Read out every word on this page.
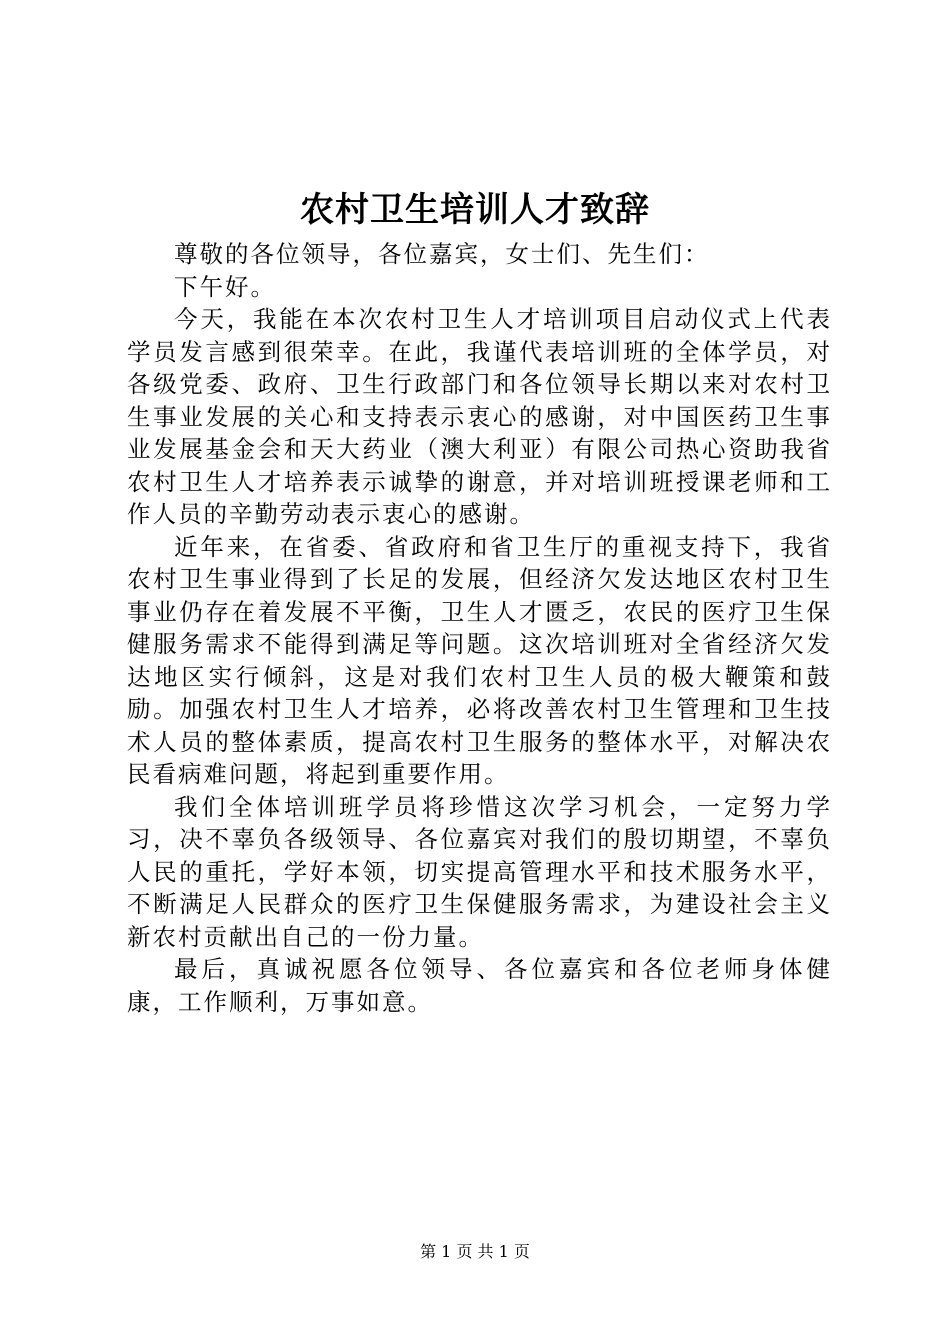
农村卫生培训人才致辞

尊敬的各位领导，各位嘉宾，女士们、先生们：

下午好。

今天，我能在本次农村卫生人才培训项目启动仪式上代表学员发言感到很荣幸。在此，我谨代表培训班的全体学员，对各级党委、政府、卫生行政部门和各位领导长期以来对农村卫生事业发展的关心和支持表示衷心的感谢，对中国医药卫生事业发展基金会和天大药业（澳大利亚）有限公司热心资助我省农村卫生人才培养表示诚挚的谢意，并对培训班授课老师和工作人员的辛勤劳动表示衷心的感谢。

近年来，在省委、省政府和省卫生厅的重视支持下，我省农村卫生事业得到了长足的发展，但经济欠发达地区农村卫生事业仍存在着发展不平衡，卫生人才匮乏，农民的医疗卫生保健服务需求不能得到满足等问题。这次培训班对全省经济欠发达地区实行倾斜，这是对我们农村卫生人员的极大鞭策和鼓励。加强农村卫生人才培养，必将改善农村卫生管理和卫生技术人员的整体素质，提高农村卫生服务的整体水平，对解决农民看病难问题，将起到重要作用。

我们全体培训班学员将珍惜这次学习机会，一定努力学习，决不辜负各级领导、各位嘉宾对我们的殷切期望，不辜负人民的重托，学好本领，切实提高管理水平和技术服务水平，不断满足人民群众的医疗卫生保健服务需求，为建设社会主义新农村贡献出自己的一份力量。

最后，真诚祝愿各位领导、各位嘉宾和各位老师身体健康，工作顺利，万事如意。

第 1 页 共 1 页
